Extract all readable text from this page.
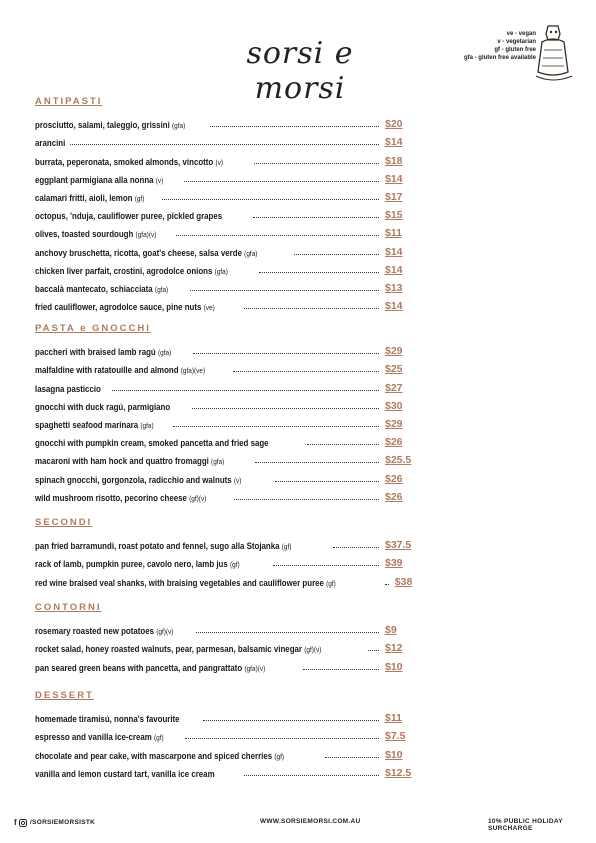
sorsi e morsi
ve - vegan
v - vegetarian
gf - gluten free
gfa - gluten free available
ANTIPASTI
prosciutto, salami, taleggio, grissini (gfa)	$20
arancini	$14
burrata, peperonata, smoked almonds, vincotto (v)	$18
eggplant parmigiana alla nonna (v)	$14
calamari fritti, aioli, lemon (gf)	$17
octopus, 'nduja, cauliflower puree, pickled grapes	$15
olives, toasted sourdough (gfa)(v)	$11
anchovy bruschetta, ricotta, goat's cheese, salsa verde (gfa)	$14
chicken liver parfait, crostini, agrodolce onions (gfa)	$14
baccalà mantecato, schiacciata (gfa)	$13
fried cauliflower, agrodolce sauce, pine nuts (ve)	$14
PASTA e GNOCCHI
paccheri with braised lamb ragú (gfa)	$29
malfaldine with ratatouille and almond (gfa)(ve)	$25
lasagna pasticcio	$27
gnocchi with duck ragú, parmigiano	$30
spaghetti seafood marinara (gfa)	$29
gnocchi with pumpkin cream, smoked pancetta and fried sage	$26
macaroni with ham hock and quattro fromaggi (gfa)	$25.5
spinach gnocchi, gorgonzola, radicchio and walnuts (v)	$26
wild mushroom risotto, pecorino cheese (gf)(v)	$26
SECONDI
pan fried barramundi, roast potato and fennel, sugo alla Stojanka (gf)	$37.5
rack of lamb, pumpkin puree, cavolo nero, lamb jus (gf)	$39
red wine braised veal shanks, with braising vegetables and cauliflower puree (gf)	$38
CONTORNI
rosemary roasted new potatoes (gf)(v)	$9
rocket salad, honey roasted walnuts, pear, parmesan, balsamic vinegar (gf)(v)	$12
pan seared green beans with pancetta, and pangrattato (gfa)(v)	$10
DESSERT
homemade tiramisú, nonna's favourite	$11
espresso and vanilla ice-cream (gf)	$7.5
chocolate and pear cake, with mascarpone and spiced cherries (gf)	$10
vanilla and lemon custard tart, vanilla ice cream	$12.5
f /SORSIEMORSISTK	WWW.SORSIEMORSI.COM.AU	10% PUBLIC HOLIDAY SURCHARGE
